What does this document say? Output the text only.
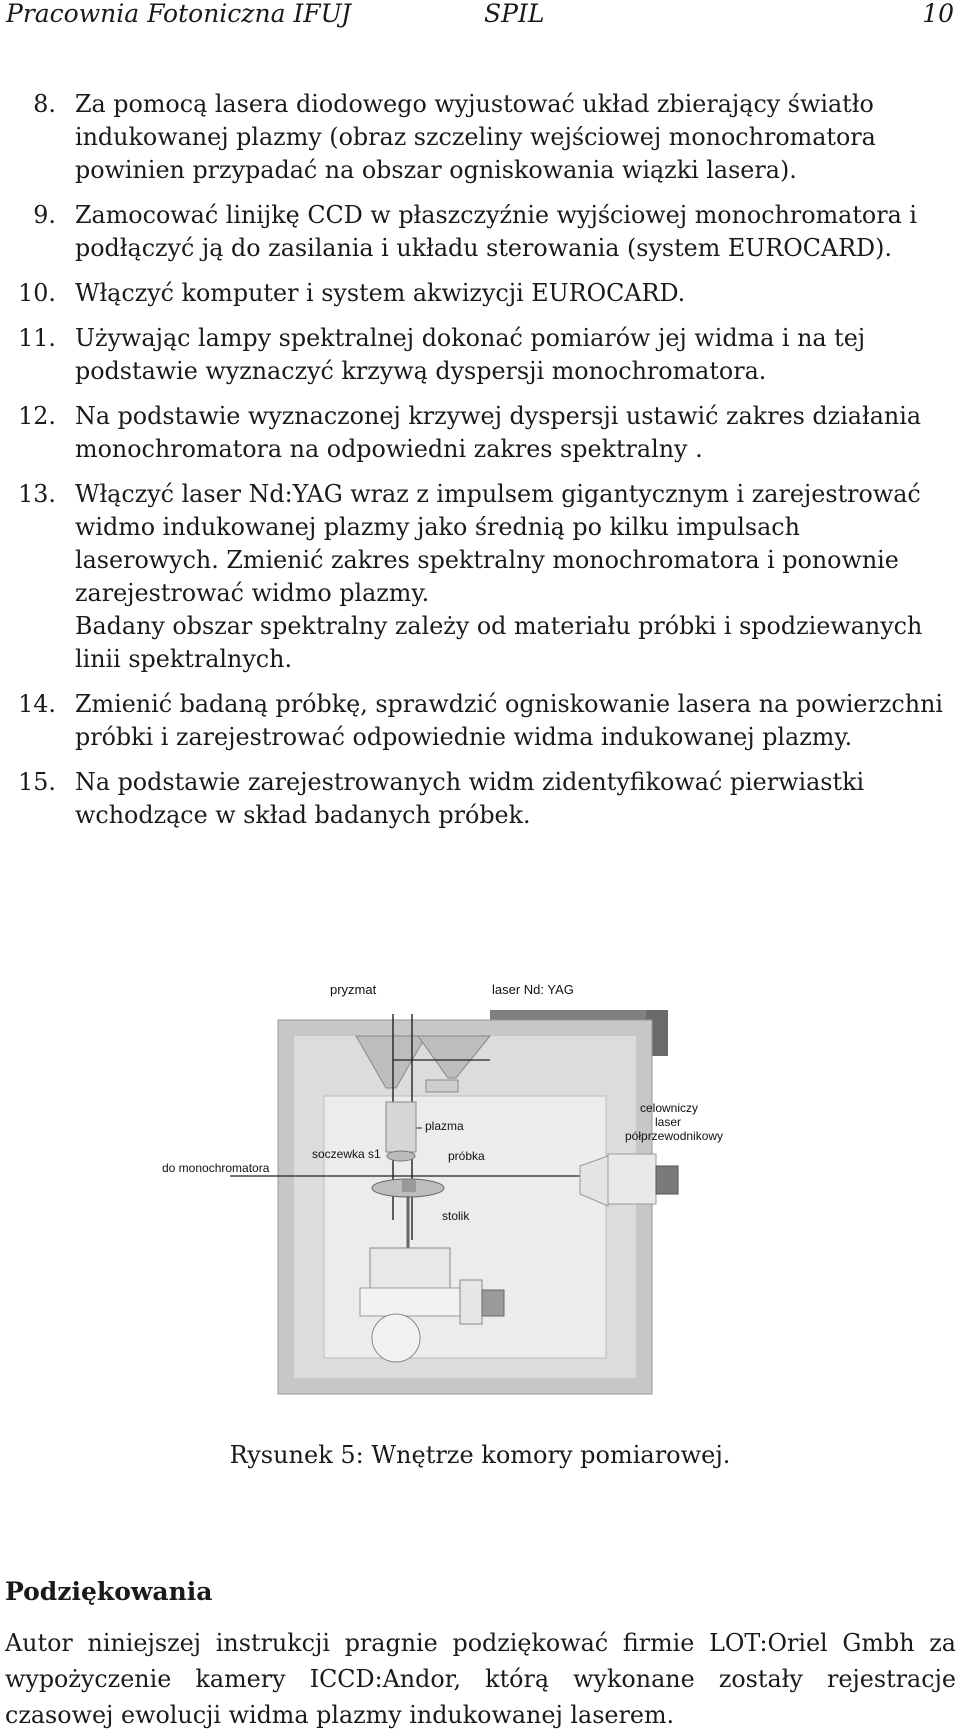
Pracownia Fotoniczna IFUJ	SPIL	10
8. Za pomocą lasera diodowego wyjustować układ zbierający światło indukowanej plazmy (obraz szczeliny wejściowej monochromatora powinien przypadać na obszar ogniskowania wiązki lasera).
9. Zamocować linijkę CCD w płaszczyźnie wyjściowej monochromatora i podłączyć ją do zasilania i układu sterowania (system EUROCARD).
10. Włączyć komputer i system akwizycji EUROCARD.
11. Używając lampy spektralnej dokonać pomiarów jej widma i na tej podstawie wyznaczyć krzywą dyspersji monochromatora.
12. Na podstawie wyznaczonej krzywej dyspersji ustawić zakres działania monochromatora na odpowiedni zakres spektralny .
13. Włączyć laser Nd:YAG wraz z impulsem gigantycznym i zarejestrować widmo indukowanej plazmy jako średnią po kilku impulsach laserowych. Zmienić zakres spektralny monochromatora i ponownie zarejestrować widmo plazmy.
Badany obszar spektralny zależy od materiału próbki i spodziewanych linii spektralnych.
14. Zmienić badaną próbkę, sprawdzić ogniskowanie lasera na powierzchni próbki i zarejestrować odpowiednie widma indukowanej plazmy.
15. Na podstawie zarejestrowanych widm zidentyfikować pierwiastki wchodzące w skład badanych próbek.
pryzmat	laser Nd: YAG
celowniczy
laser
półprzewodnikowy
plazma
soczewka s1	próbka
do monochromatora
stolik
Rysunek 5: Wnętrze komory pomiarowej.
Podziękowania
Autor niniejszej instrukcji pragnie podziękować firmie LOT:Oriel Gmbh za wypożyczenie kamery ICCD:Andor, którą wykonane zostały rejestracje czasowej ewolucji widma plazmy indukowanej laserem.
